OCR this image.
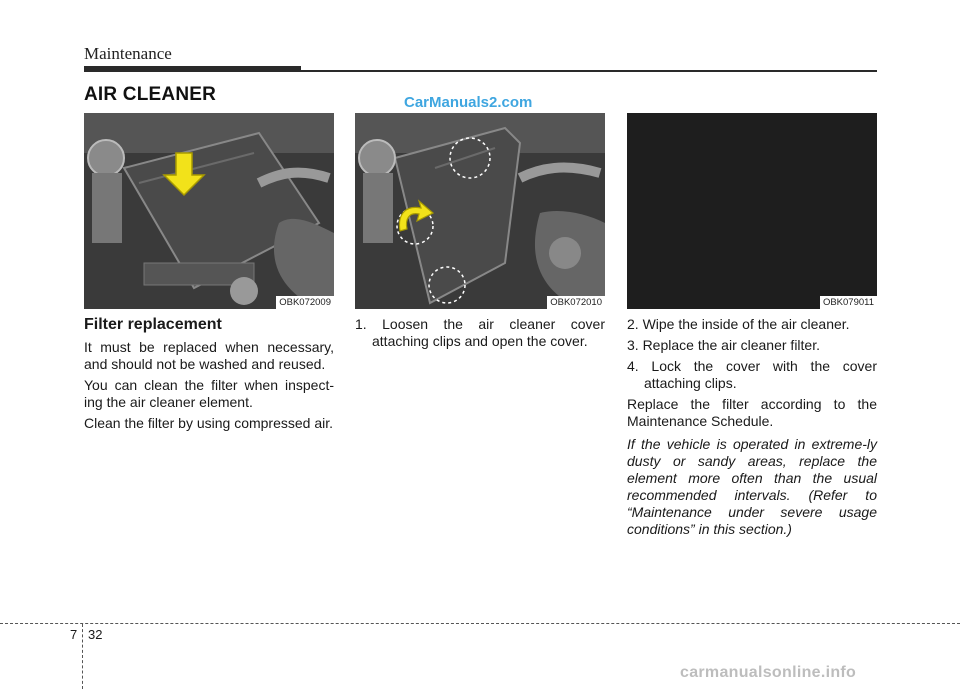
Maintenance
AIR CLEANER	CarManuals2.com
OBK072009	OBK072010	OBK079011
Filter replacement

It must be replaced when necessary, and should not be washed and reused.

You can clean the filter when inspect-ing the air cleaner element.

Clean the filter by using compressed air.

1. Loosen the air cleaner cover attaching clips and open the cover.

2. Wipe the inside of the air cleaner.

3. Replace the air cleaner filter.

4. Lock the cover with the cover attaching clips.

Replace the filter according to the Maintenance Schedule.

If the vehicle is operated in extreme-ly dusty or sandy areas, replace the element more often than the usual recommended intervals. (Refer to “Maintenance under severe usage conditions” in this section.)

7 32
carmanualsonline.info
